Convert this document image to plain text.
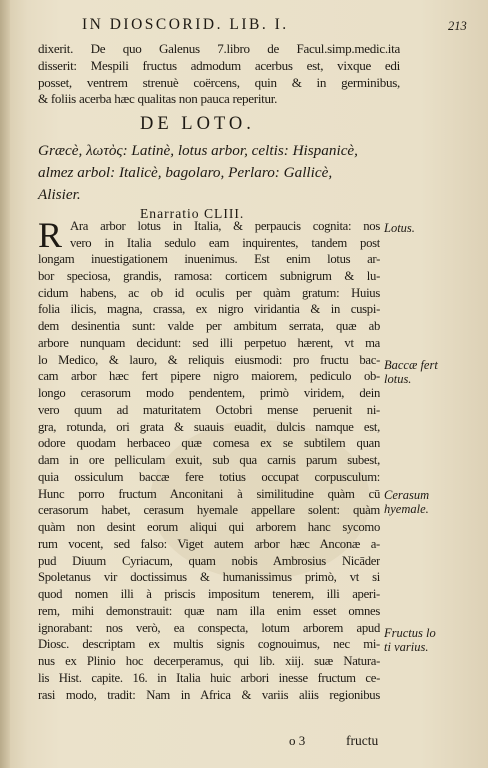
IN DIOSCORID. LIB. I.	213
dixerit. De quo Galenus 7.libro de Facul.simp.medic.ita
disserit: Mespili fructus admodum acerbus est, vixque edi
posset, ventrem strenuè coërcens, quin & in germinibus,
& foliis acerba hæc qualitas non pauca reperitur.
DE LOTO.
Græcè, λωτὸς: Latinè, lotus arbor, celtis: Hispanicè,
almez arbol: Italicè, bagolaro, Perlaro: Gallicè,
Alisier.
Enarratio CLIII.
R Ara arbor lotus in Italia, & perpaucis cognita: nos
vero in Italia sedulo eam inquirentes, tandem post
longam inuestigationem inuenimus. Est enim lotus ar-
bor speciosa, grandis, ramosa: corticem subnigrum & lu-
cidum habens, ac ob id oculis per quàm gratum: Huius
folia ilicis, magna, crassa, ex nigro viridantia & in cuspi-
dem desinentia sunt: valde per ambitum serrata, quæ ab
arbore nunquam decidunt: sed illi perpetuo hærent, vt ma
lo Medico, & lauro, & reliquis eiusmodi: pro fructu bac-
cam arbor hæc fert pipere nigro maiorem, pediculo ob-
longo cerasorum modo pendentem, primò viridem, dein
vero quum ad maturitatem Octobri mense peruenit ni-
gra, rotunda, ori grata & suauis euadit, dulcis namque est,
odore quodam herbaceo quæ comesa ex se subtilem quan
dam in ore pelliculam exuit, sub qua carnis parum subest,
quia ossiculum baccæ fere totius occupat corpusculum:
Hunc porro fructum Anconitani à similitudine quàm cū
cerasorum habet, cerasum hyemale appellare solent: quàm
quàm non desint eorum aliqui qui arborem hanc sycomo
rum vocent, sed falso: Viget autem arbor hæc Anconæ a-
pud Diuum Cyriacum, quam nobis Ambrosius Nicāder
Spoletanus vir doctissimus & humanissimus primò, vt si
quod nomen illi à priscis impositum tenerem, illi aperi-
rem, mihi demonstrauit: quæ nam illa enim esset omnes
ignorabant: nos verò, ea conspecta, lotum arborem apud
Diosc. descriptam ex multis signis cognouimus, nec mi-
nus ex Plinio hoc decerperamus, qui lib. xiij. suæ Natura-
lis Hist. capite. 16. in Italia huic arbori inesse fructum ce-
rasi modo, tradit: Nam in Africa & variis aliis regionibus
Lotus.
Baccæ fert
lotus.
Cerasum
hyemale.
Fructus lo
ti varius.
o 3	fructu
